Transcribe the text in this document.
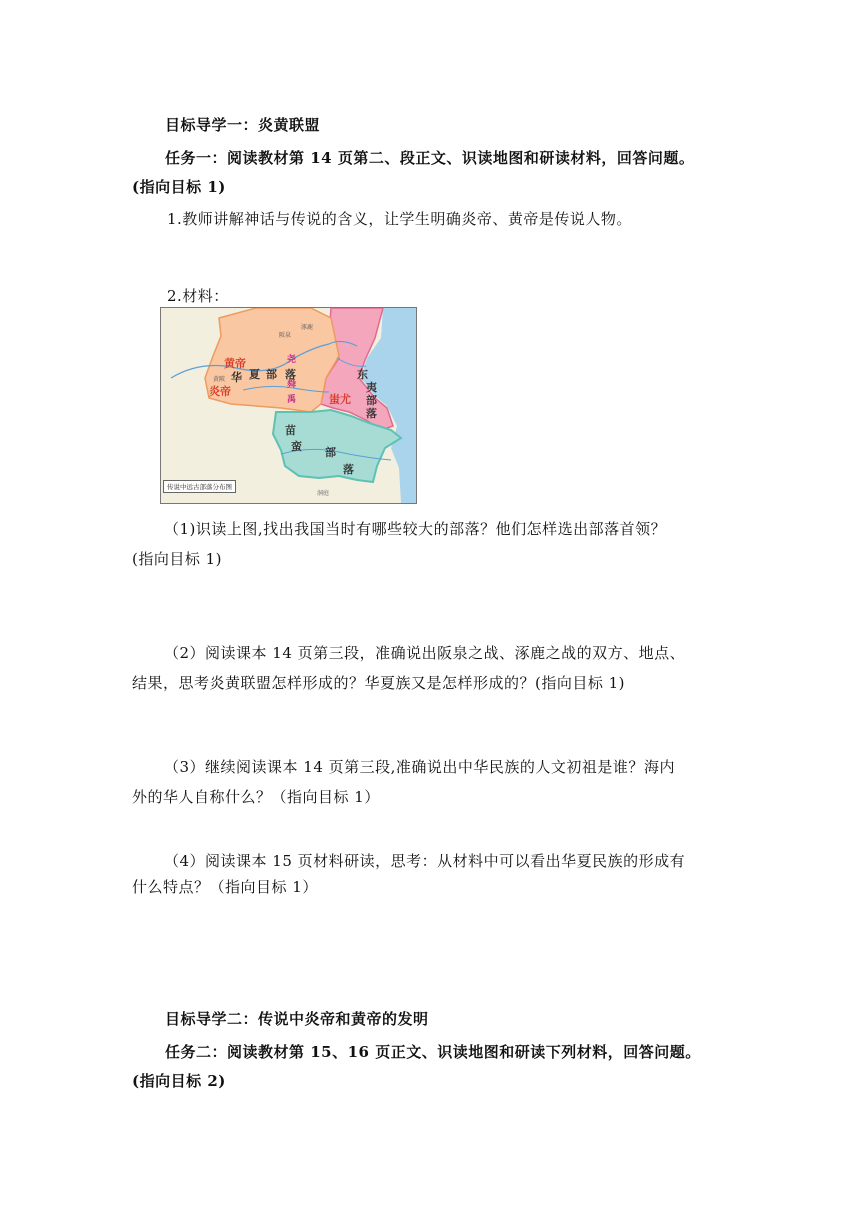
目标导学一：炎黄联盟
任务一：阅读教材第 14 页第二、段正文、识读地图和研读材料，回答问题。
(指向目标 1)
1.教师讲解神话与传说的含义，让学生明确炎帝、黄帝是传说人物。
2.材料：
黄帝
炎帝
华 夏 部 落
尧
舜
禹
东
夷
部
落
蚩尤
苗
蛮 部
落
涿鹿
阪泉
黄陂
洞庭
传说中远古部落分布图
（1)识读上图,找出我国当时有哪些较大的部落？他们怎样选出部落首领？
(指向目标 1)
（2）阅读课本 14 页第三段，准确说出阪泉之战、涿鹿之战的双方、地点、
结果，思考炎黄联盟怎样形成的？华夏族又是怎样形成的？(指向目标 1)
（3）继续阅读课本 14 页第三段,准确说出中华民族的人文初祖是谁？海内
外的华人自称什么？（指向目标 1）
（4）阅读课本 15 页材料研读，思考：从材料中可以看出华夏民族的形成有
什么特点？（指向目标 1）
目标导学二：传说中炎帝和黄帝的发明
任务二：阅读教材第 15、16 页正文、识读地图和研读下列材料，回答问题。
(指向目标 2)
